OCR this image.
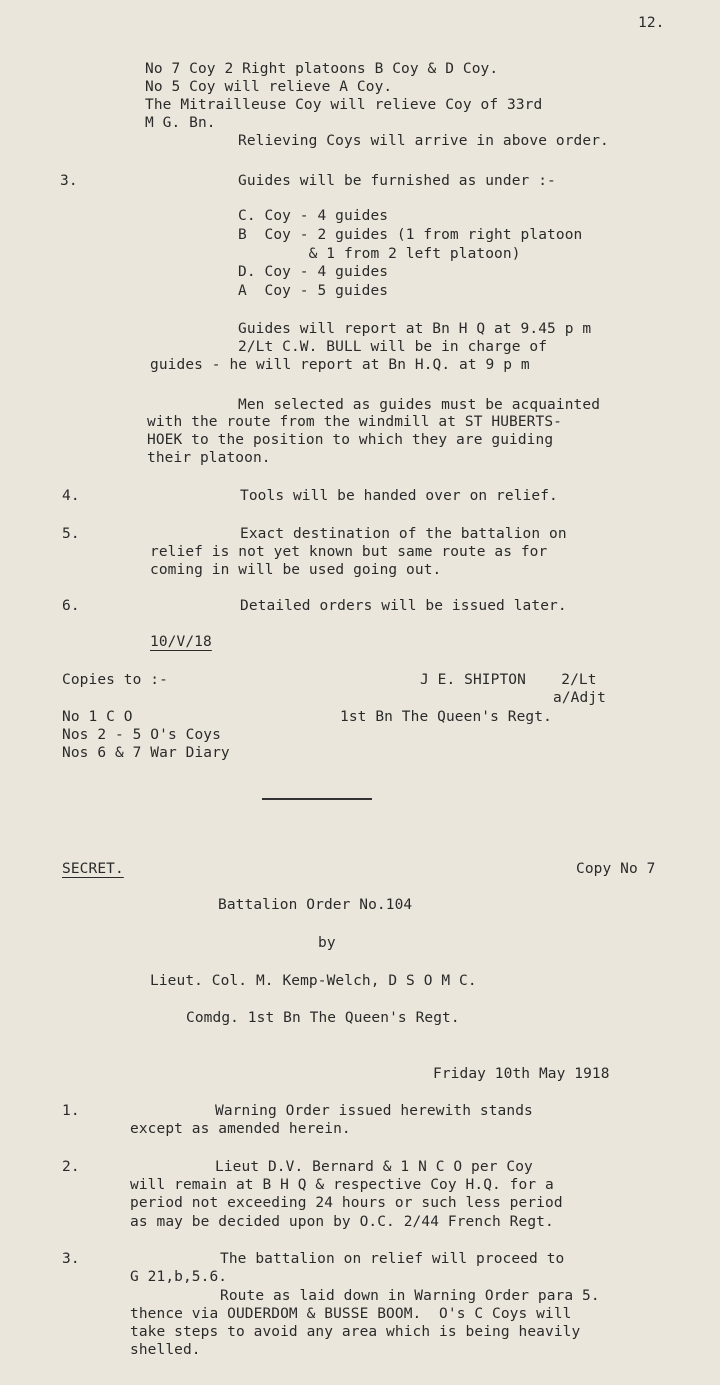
12.
No 7 Coy 2 Right platoons B Coy & D Coy.
No 5 Coy will relieve A Coy.
The Mitrailleuse Coy will relieve Coy of 33rd
M G. Bn.
Relieving Coys will arrive in above order.
3.	Guides will be furnished as under :-
C. Coy - 4 guides
B  Coy - 2 guides (1 from right platoon
& 1 from 2 left platoon)
D. Coy - 4 guides
A  Coy - 5 guides
Guides will report at Bn H Q at 9.45 p m
2/Lt C.W. BULL will be in charge of
guides - he will report at Bn H.Q. at 9 p m
Men selected as guides must be acquainted
with the route from the windmill at ST HUBERTS-
HOEK to the position to which they are guiding
their platoon.
4.	Tools will be handed over on relief.
5.	Exact destination of the battalion on
relief is not yet known but same route as for
coming in will be used going out.
6.	Detailed orders will be issued later.
10/V/18
Copies to :-	J E. SHIPTON    2/Lt
a/Adjt
No 1 C O	1st Bn The Queen's Regt.
Nos 2 - 5 O's Coys
Nos 6 & 7 War Diary
SECRET.	Copy No 7
Battalion Order No.104
by
Lieut. Col. M. Kemp-Welch, D S O M C.
Comdg. 1st Bn The Queen's Regt.
Friday 10th May 1918
1.	Warning Order issued herewith stands
except as amended herein.
2.	Lieut D.V. Bernard & 1 N C O per Coy
will remain at B H Q & respective Coy H.Q. for a
period not exceeding 24 hours or such less period
as may be decided upon by O.C. 2/44 French Regt.
3.	The battalion on relief will proceed to
G 21,b,5.6.
Route as laid down in Warning Order para 5.
thence via OUDERDOM & BUSSE BOOM.  O's C Coys will
take steps to avoid any area which is being heavily
shelled.
